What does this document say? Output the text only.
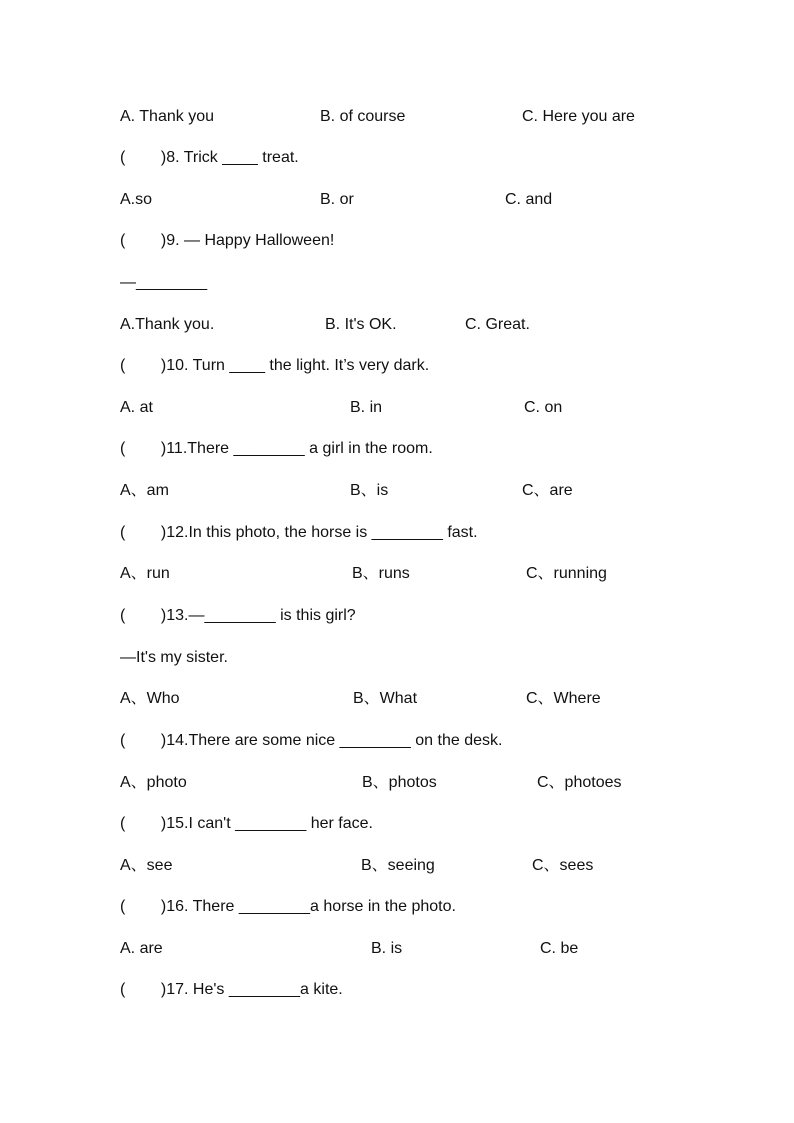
A. Thank you	B. of course	C. Here you are
(        )8. Trick ____ treat.
A.so	B. or	C. and
(        )9. — Happy Halloween!
—________
A.Thank you.	B. It's OK.	C. Great.
(        )10. Turn ____ the light. It’s very dark.
A. at	B. in	C. on
(        )11.There ________ a girl in the room.
A、am	B、is	C、are
(        )12.In this photo, the horse is ________ fast.
A、run	B、runs	C、running
(        )13.—________ is this girl?
—It's my sister.
A、Who	B、What	C、Where
(        )14.There are some nice ________ on the desk.
A、photo	B、photos	C、photoes
(        )15.I can't ________ her face.
A、see	B、seeing	C、sees
(        )16. There ________a horse in the photo.
A. are	B. is	C. be
(        )17. He's ________a kite.
